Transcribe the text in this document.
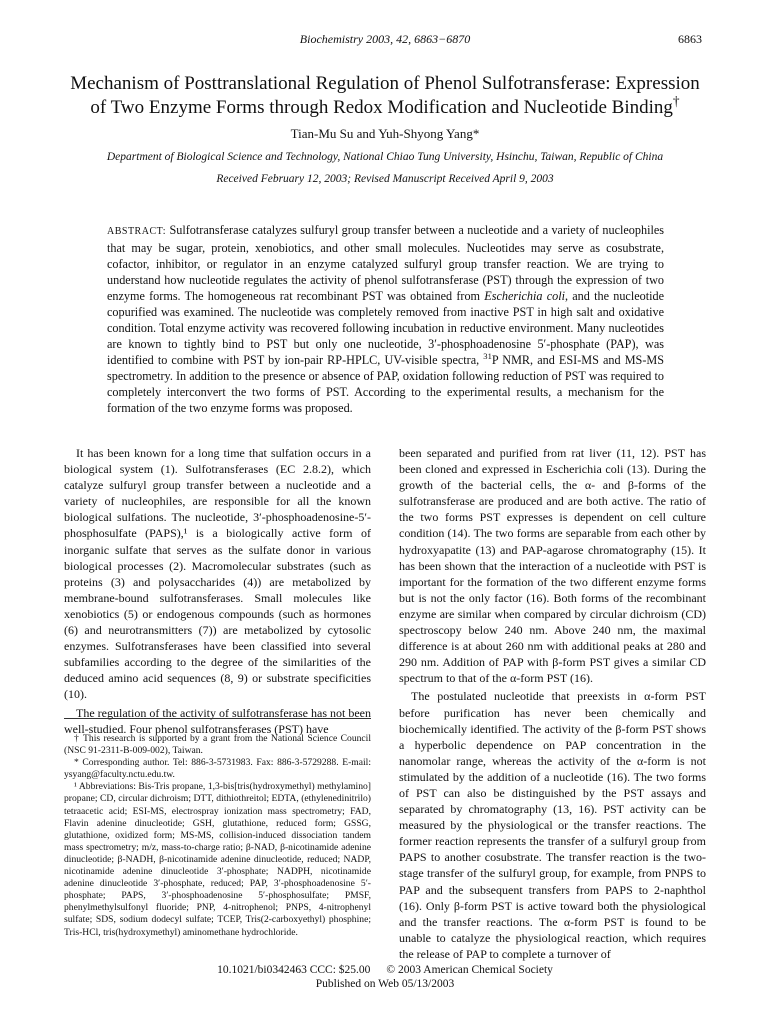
Biochemistry 2003, 42, 6863−6870	6863
Mechanism of Posttranslational Regulation of Phenol Sulfotransferase: Expression
of Two Enzyme Forms through Redox Modification and Nucleotide Binding†
Tian-Mu Su and Yuh-Shyong Yang*
Department of Biological Science and Technology, National Chiao Tung University, Hsinchu, Taiwan, Republic of China
Received February 12, 2003; Revised Manuscript Received April 9, 2003
ABSTRACT: Sulfotransferase catalyzes sulfuryl group transfer between a nucleotide and a variety of nucleophiles that may be sugar, protein, xenobiotics, and other small molecules. Nucleotides may serve as cosubstrate, cofactor, inhibitor, or regulator in an enzyme catalyzed sulfuryl group transfer reaction. We are trying to understand how nucleotide regulates the activity of phenol sulfotransferase (PST) through the expression of two enzyme forms. The homogeneous rat recombinant PST was obtained from Escherichia coli, and the nucleotide copurified was examined. The nucleotide was completely removed from inactive PST in high salt and oxidative condition. Total enzyme activity was recovered following incubation in reductive environment. Many nucleotides are known to tightly bind to PST but only one nucleotide, 3′-phosphoadenosine 5′-phosphate (PAP), was identified to combine with PST by ion-pair RP-HPLC, UV-visible spectra, $^{31}$P NMR, and ESI-MS and MS-MS spectrometry. In addition to the presence or absence of PAP, oxidation following reduction of PST was required to completely interconvert the two forms of PST. According to the experimental results, a mechanism for the formation of the two enzyme forms was proposed.

It has been known for a long time that sulfation occurs in a biological system (1). Sulfotransferases (EC 2.8.2), which catalyze sulfuryl group transfer between a nucleotide and a variety of nucleophiles, are responsible for all the known biological sulfations. The nucleotide, 3′-phosphoadenosine-5′-phosphosulfate (PAPS),¹ is a biologically active form of inorganic sulfate that serves as the sulfate donor in various biological processes (2). Macromolecular substrates (such as proteins (3) and polysaccharides (4)) are metabolized by membrane-bound sulfotransferases. Small molecules like xenobiotics (5) or endogenous compounds (such as hormones (6) and neurotransmitters (7)) are metabolized by cytosolic enzymes. Sulfotransferases have been classified into several subfamilies according to the degree of the similarities of the deduced amino acid sequences (8, 9) or substrate specificities (10).

The regulation of the activity of sulfotransferase has not been well-studied. Four phenol sulfotransferases (PST) have

† This research is supported by a grant from the National Science Council (NSC 91-2311-B-009-002), Taiwan.

* Corresponding author. Tel: 886-3-5731983. Fax: 886-3-5729288. E-mail: ysyang@faculty.nctu.edu.tw.

¹ Abbreviations: Bis-Tris propane, 1,3-bis[tris(hydroxymethyl) methylamino] propane; CD, circular dichroism; DTT, dithiothreitol; EDTA, (ethylenedinitrilo) tetraacetic acid; ESI-MS, electrospray ionization mass spectrometry; FAD, Flavin adenine dinucleotide; GSH, glutathione, reduced form; GSSG, glutathione, oxidized form; MS-MS, collision-induced dissociation tandem mass spectrometry; m/z, mass-to-charge ratio; β-NAD, β-nicotinamide adenine dinucleotide; β-NADH, β-nicotinamide adenine dinucleotide, reduced; NADP, nicotinamide adenine dinucleotide 3′-phosphate; NADPH, nicotinamide adenine dinucleotide 3′-phosphate, reduced; PAP, 3′-phosphoadenosine 5′-phosphate; PAPS, 3′-phosphoadenosine 5′-phosphosulfate; PMSF, phenylmethylsulfonyl fluoride; PNP, 4-nitrophenol; PNPS, 4-nitrophenyl sulfate; SDS, sodium dodecyl sulfate; TCEP, Tris(2-carboxyethyl) phosphine; Tris-HCl, tris(hydroxymethyl) aminomethane hydrochloride.

been separated and purified from rat liver (11, 12). PST has been cloned and expressed in Escherichia coli (13). During the growth of the bacterial cells, the α- and β-forms of the sulfotransferase are produced and are both active. The ratio of the two forms PST expresses is dependent on cell culture condition (14). The two forms are separable from each other by hydroxyapatite (13) and PAP-agarose chromatography (15). It has been shown that the interaction of a nucleotide with PST is important for the formation of the two different enzyme forms but is not the only factor (16). Both forms of the recombinant enzyme are similar when compared by circular dichroism (CD) spectroscopy below 240 nm. Above 240 nm, the maximal difference is at about 260 nm with additional peaks at 280 and 290 nm. Addition of PAP with β-form PST gives a similar CD spectrum to that of the α-form PST (16).

The postulated nucleotide that preexists in α-form PST before purification has never been chemically and biochemically identified. The activity of the β-form PST shows a hyperbolic dependence on PAP concentration in the nanomolar range, whereas the activity of the α-form is not stimulated by the addition of a nucleotide (16). The two forms of PST can also be distinguished by the PST assays and separated by chromatography (13, 16). PST activity can be measured by the physiological or the transfer reactions. The former reaction represents the transfer of a sulfuryl group from PAPS to another cosubstrate. The transfer reaction is the two-stage transfer of the sulfuryl group, for example, from PNPS to PAP and the subsequent transfers from PAPS to 2-naphthol (16). Only β-form PST is active toward both the physiological and the transfer reactions. The α-form PST is found to be unable to catalyze the physiological reaction, which requires the release of PAP to complete a turnover of

10.1021/bi0342463 CCC: $25.00 © 2003 American Chemical Society
Published on Web 05/13/2003
